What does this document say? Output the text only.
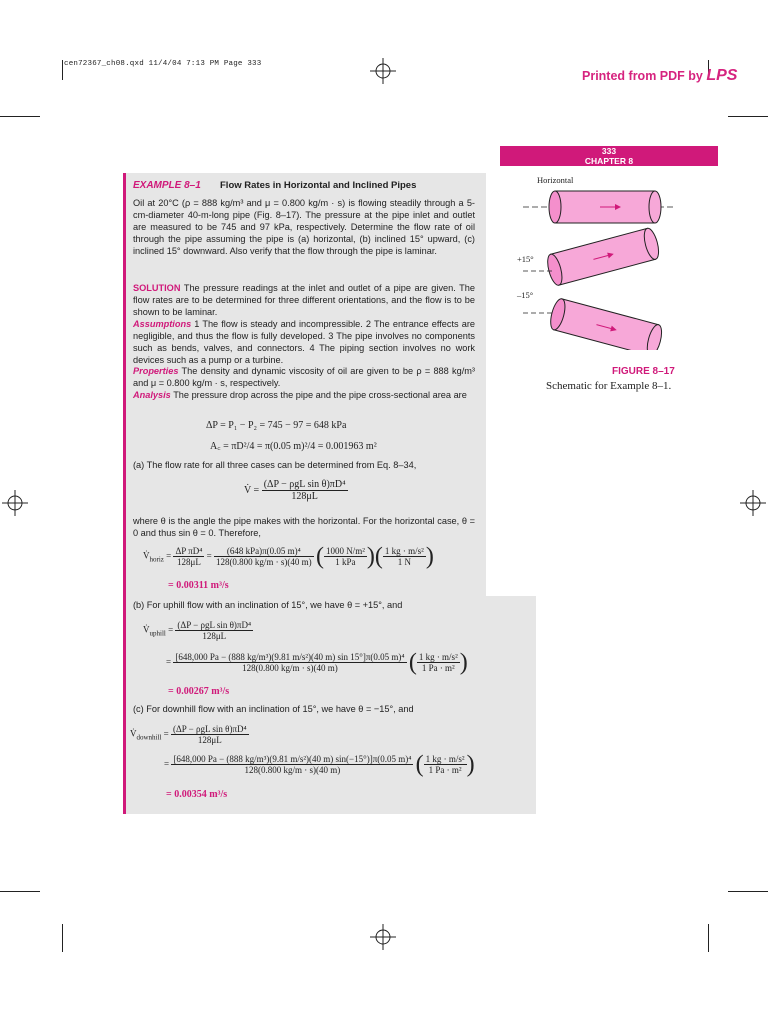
cen72367_ch08.qxd 11/4/04 7:13 PM Page 333
Printed from PDF by LPS
333
CHAPTER 8
EXAMPLE 8–1 Flow Rates in Horizontal and Inclined Pipes
Oil at 20°C (ρ = 888 kg/m³ and μ = 0.800 kg/m · s) is flowing steadily through a 5-cm-diameter 40-m-long pipe (Fig. 8–17). The pressure at the pipe inlet and outlet are measured to be 745 and 97 kPa, respectively. Determine the flow rate of oil through the pipe assuming the pipe is (a) horizontal, (b) inclined 15° upward, (c) inclined 15° downward. Also verify that the flow through the pipe is laminar.
SOLUTION The pressure readings at the inlet and outlet of a pipe are given. The flow rates are to be determined for three different orientations, and the flow is to be shown to be laminar.
Assumptions 1 The flow is steady and incompressible. 2 The entrance effects are negligible, and thus the flow is fully developed. 3 The pipe involves no components such as bends, valves, and connectors. 4 The piping section involves no work devices such as a pump or a turbine.
Properties The density and dynamic viscosity of oil are given to be ρ = 888 kg/m³ and μ = 0.800 kg/m · s, respectively.
Analysis The pressure drop across the pipe and the pipe cross-sectional area are
ΔP = P₁ − P₂ = 745 − 97 = 648 kPa
A꜀ = πD²/4 = π(0.05 m)²/4 = 0.001963 m²
(a) The flow rate for all three cases can be determined from Eq. 8–34,
V̇ = $\frac{\text{(ΔP − ρgL sin θ)πD⁴}}{128\mu L}$
where θ is the angle the pipe makes with the horizontal. For the horizontal case, θ = 0 and thus sin θ = 0. Therefore,
$V̇_{horiz} = \frac{\text{ΔP πD⁴}}{128\mu L} = \frac{\text{(648 kPa)π(0.05 m)⁴}}{128(0.800 kg/m \cdot s)(40 m)}$ ( $\frac{\text{1000 N/m²}}{\text{1 kPa}}$ )( $\frac{\text{1 kg · m/s²}}{1 N}$ )
= 0.00311 m³/s
(b) For uphill flow with an inclination of 15°, we have θ = +15°, and
$V̇_{uphill} = \frac{\text{(ΔP − ρgL sin θ)πD⁴}}{128\mu L}$
= [648,000 Pa − (888 kg/m³)(9.81 m/s²)(40 m) sin 15°]π(0.05 m)⁴
128(0.800 kg/m · s)(40 m)	( $\frac{\text{1 kg · m/s²}}{\text{1 Pa · m²}}$ )
= 0.00267 m³/s
(c) For downhill flow with an inclination of 15°, we have θ = −15°, and
$V̇_{downhill} = \frac{\text{(ΔP − ρgL sin θ)πD⁴}}{128\mu L}$
= [648,000 Pa − (888 kg/m³)(9.81 m/s²)(40 m) sin(−15°)]π(0.05 m)⁴
128(0.800 kg/m · s)(40 m)	( $\frac{\text{1 kg · m/s²}}{\text{1 Pa · m²}}$ )
= 0.00354 m³/s
Horizontal
+15°
–15°
FIGURE 8–17
Schematic for Example 8–1.
